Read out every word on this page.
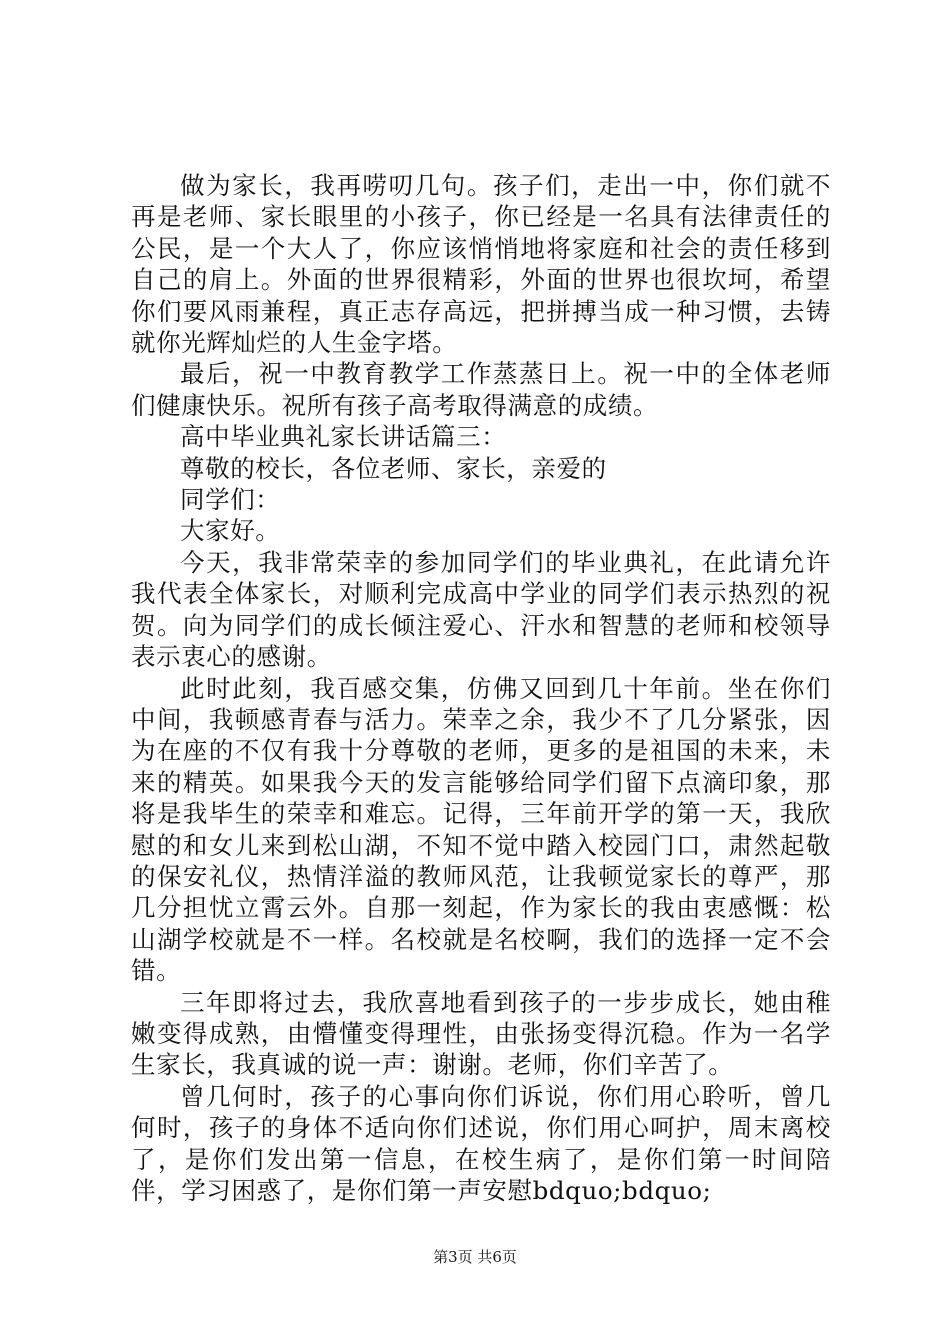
做为家长，我再唠叨几句。孩子们，走出一中，你们就不再是老师、家长眼里的小孩子，你已经是一名具有法律责任的公民，是一个大人了，你应该悄悄地将家庭和社会的责任移到自己的肩上。外面的世界很精彩，外面的世界也很坎坷，希望你们要风雨兼程，真正志存高远，把拼搏当成一种习惯，去铸就你光辉灿烂的人生金字塔。

最后，祝一中教育教学工作蒸蒸日上。祝一中的全体老师们健康快乐。祝所有孩子高考取得满意的成绩。

高中毕业典礼家长讲话篇三：

尊敬的校长，各位老师、家长，亲爱的

同学们：

大家好。

今天，我非常荣幸的参加同学们的毕业典礼，在此请允许我代表全体家长，对顺利完成高中学业的同学们表示热烈的祝贺。向为同学们的成长倾注爱心、汗水和智慧的老师和校领导表示衷心的感谢。

此时此刻，我百感交集，仿佛又回到几十年前。坐在你们中间，我顿感青春与活力。荣幸之余，我少不了几分紧张，因为在座的不仅有我十分尊敬的老师，更多的是祖国的未来，未来的精英。如果我今天的发言能够给同学们留下点滴印象，那将是我毕生的荣幸和难忘。记得，三年前开学的第一天，我欣慰的和女儿来到松山湖，不知不觉中踏入校园门口，肃然起敬的保安礼仪，热情洋溢的教师风范，让我顿觉家长的尊严，那几分担忧立霄云外。自那一刻起，作为家长的我由衷感慨：松山湖学校就是不一样。名校就是名校啊，我们的选择一定不会错。

三年即将过去，我欣喜地看到孩子的一步步成长，她由稚嫩变得成熟，由懵懂变得理性，由张扬变得沉稳。作为一名学生家长，我真诚的说一声：谢谢。老师，你们辛苦了。

曾几何时，孩子的心事向你们诉说，你们用心聆听，曾几何时，孩子的身体不适向你们述说，你们用心呵护，周末离校了，是你们发出第一信息，在校生病了，是你们第一时间陪伴，学习困惑了，是你们第一声安慰bdquo;bdquo;

第3页 共6页
